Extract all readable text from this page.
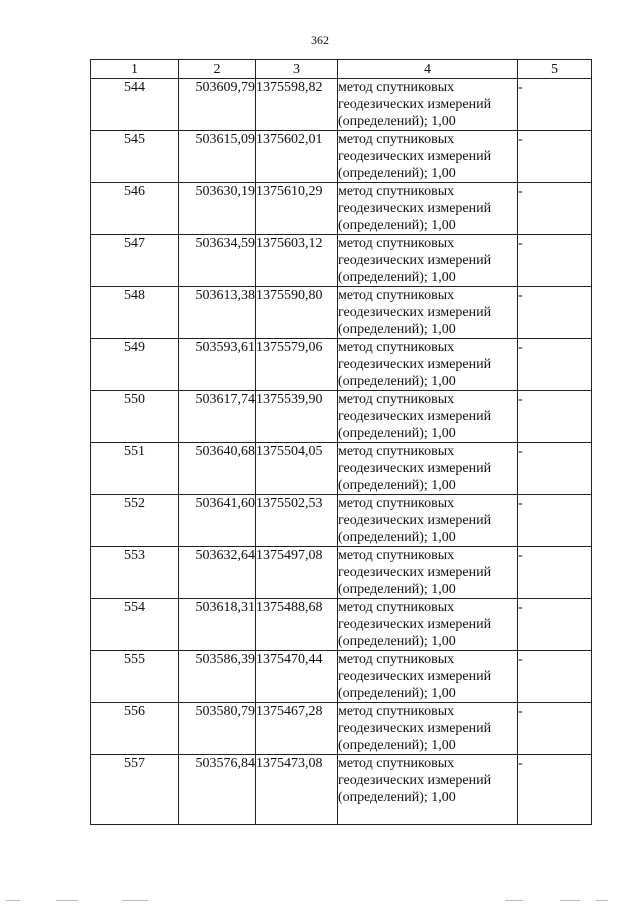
362
1	2	3	4	5
544	503609,79	1375598,82	метод спутниковых
геодезических измерений
(определений); 1,00	-
545	503615,09	1375602,01	метод спутниковых
геодезических измерений
(определений); 1,00	-
546	503630,19	1375610,29	метод спутниковых
геодезических измерений
(определений); 1,00	-
547	503634,59	1375603,12	метод спутниковых
геодезических измерений
(определений); 1,00	-
548	503613,38	1375590,80	метод спутниковых
геодезических измерений
(определений); 1,00	-
549	503593,61	1375579,06	метод спутниковых
геодезических измерений
(определений); 1,00	-
550	503617,74	1375539,90	метод спутниковых
геодезических измерений
(определений); 1,00	-
551	503640,68	1375504,05	метод спутниковых
геодезических измерений
(определений); 1,00	-
552	503641,60	1375502,53	метод спутниковых
геодезических измерений
(определений); 1,00	-
553	503632,64	1375497,08	метод спутниковых
геодезических измерений
(определений); 1,00	-
554	503618,31	1375488,68	метод спутниковых
геодезических измерений
(определений); 1,00	-
555	503586,39	1375470,44	метод спутниковых
геодезических измерений
(определений); 1,00	-
556	503580,79	1375467,28	метод спутниковых
геодезических измерений
(определений); 1,00	-
557	503576,84	1375473,08	метод спутниковых
геодезических измерений
(определений); 1,00	-
